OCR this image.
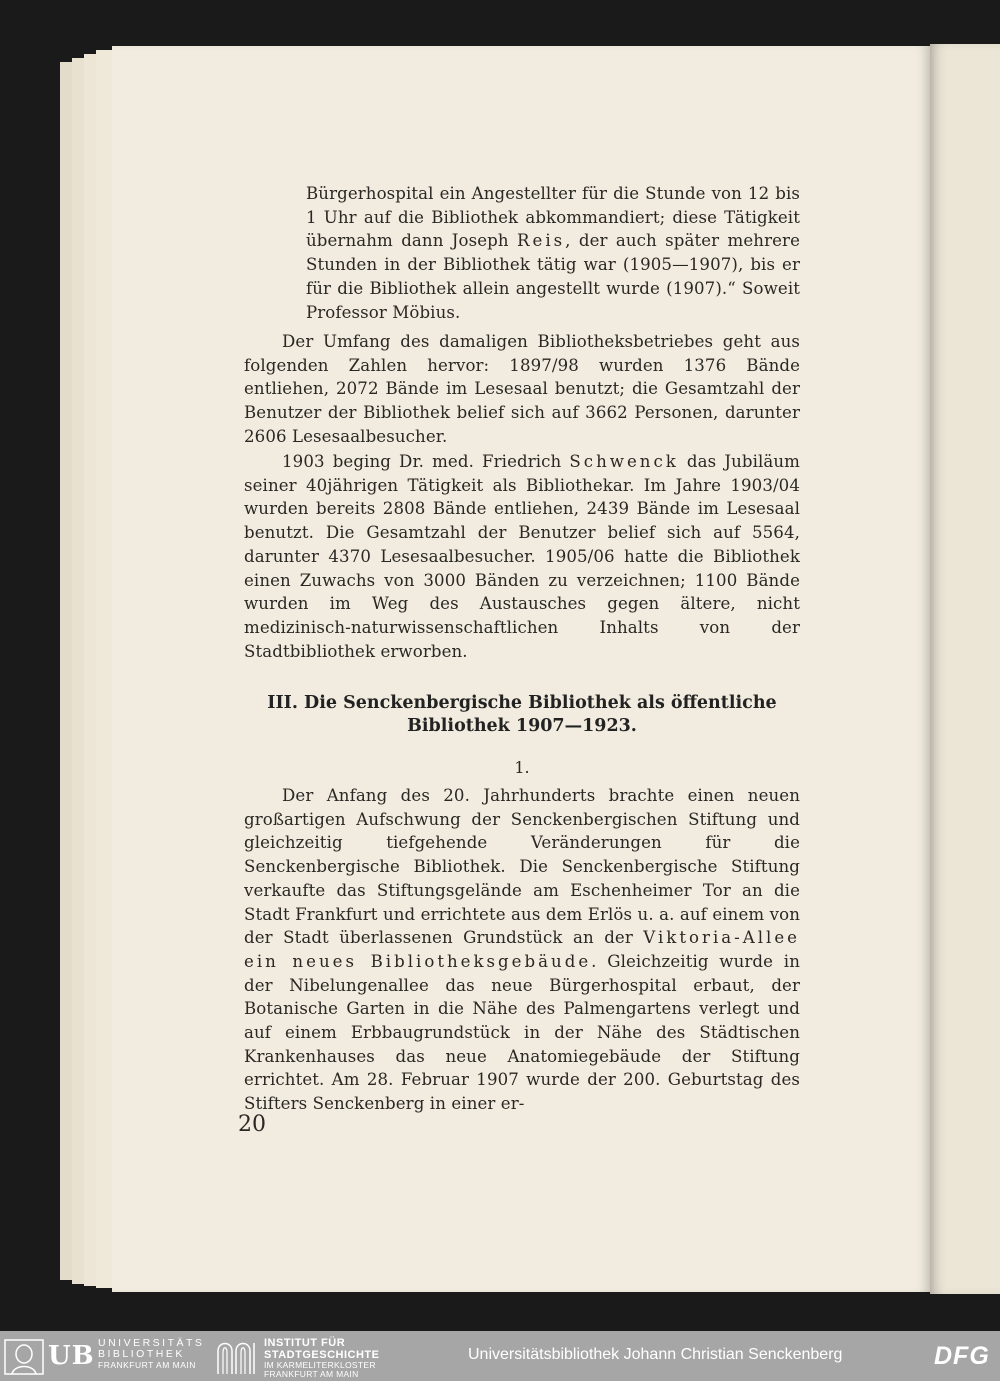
Bürgerhospital ein Angestellter für die Stunde von 12 bis 1 Uhr auf die Bibliothek abkommandiert; diese Tätigkeit übernahm dann Joseph Reis, der auch später mehrere Stunden in der Bibliothek tätig war (1905—1907), bis er für die Bibliothek allein angestellt wurde (1907).“ Soweit Professor Möbius.
Der Umfang des damaligen Bibliotheksbetriebes geht aus folgenden Zahlen hervor: 1897/98 wurden 1376 Bände entliehen, 2072 Bände im Lesesaal benutzt; die Gesamtzahl der Benutzer der Bibliothek belief sich auf 3662 Personen, darunter 2606 Lesesaalbesucher.
1903 beging Dr. med. Friedrich Schwenck das Jubiläum seiner 40jährigen Tätigkeit als Bibliothekar. Im Jahre 1903/04 wurden bereits 2808 Bände entliehen, 2439 Bände im Lesesaal benutzt. Die Gesamtzahl der Benutzer belief sich auf 5564, darunter 4370 Lesesaalbesucher. 1905/06 hatte die Bibliothek einen Zuwachs von 3000 Bänden zu verzeichnen; 1100 Bände wurden im Weg des Austausches gegen ältere, nicht medizinisch-naturwissenschaftlichen Inhalts von der Stadtbibliothek erworben.
III. Die Senckenbergische Bibliothek als öffentliche
Bibliothek 1907—1923.
1.
Der Anfang des 20. Jahrhunderts brachte einen neuen großartigen Aufschwung der Senckenbergischen Stiftung und gleichzeitig tiefgehende Veränderungen für die Senckenbergische Bibliothek. Die Senckenbergische Stiftung verkaufte das Stiftungsgelände am Eschenheimer Tor an die Stadt Frankfurt und errichtete aus dem Erlös u. a. auf einem von der Stadt überlassenen Grundstück an der Viktoria-Allee ein neues Bibliotheksgebäude. Gleichzeitig wurde in der Nibelungenallee das neue Bürgerhospital erbaut, der Botanische Garten in die Nähe des Palmengartens verlegt und auf einem Erbbaugrundstück in der Nähe des Städtischen Krankenhauses das neue Anatomiegebäude der Stiftung errichtet. Am 28. Februar 1907 wurde der 200. Geburtstag des Stifters Senckenberg in einer er-
20
UB UNIVERSITÄTS
BIBLIOTHEK
FRANKFURT AM MAIN
INSTITUT FÜR
STADTGESCHICHTE
IM KARMELITERKLOSTER
FRANKFURT AM MAIN
Universitätsbibliothek Johann Christian Senckenberg	DFG
